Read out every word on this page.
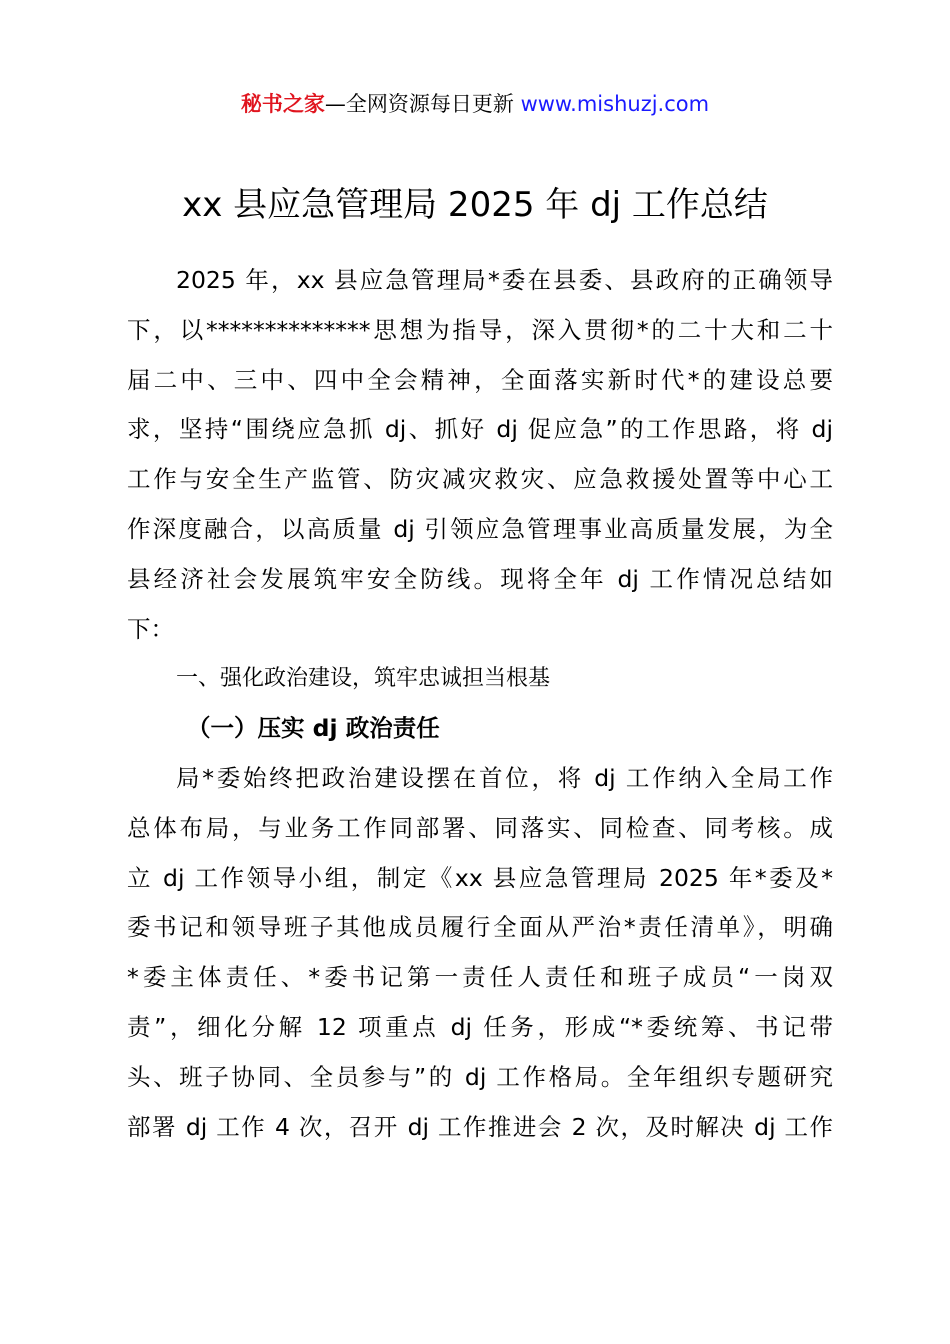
秘书之家—全网资源每日更新 www.mishuzj.com
xx 县应急管理局 2025 年 dj 工作总结
2025 年，xx 县应急管理局*委在县委、县政府的正确领导
下，以**************思想为指导，深入贯彻*的二十大和二十
届二中、三中、四中全会精神，全面落实新时代*的建设总要
求，坚持“围绕应急抓 dj、抓好 dj 促应急”的工作思路，将 dj
工作与安全生产监管、防灾减灾救灾、应急救援处置等中心工
作深度融合，以高质量 dj 引领应急管理事业高质量发展，为全
县经济社会发展筑牢安全防线。现将全年 dj 工作情况总结如
下：
一、强化政治建设，筑牢忠诚担当根基
（一）压实 dj 政治责任
局*委始终把政治建设摆在首位，将 dj 工作纳入全局工作
总体布局，与业务工作同部署、同落实、同检查、同考核。成
立 dj 工作领导小组，制定《xx 县应急管理局 2025 年*委及*
委书记和领导班子其他成员履行全面从严治*责任清单》，明确
*委主体责任、*委书记第一责任人责任和班子成员“一岗双
责”，细化分解 12 项重点 dj 任务，形成“*委统筹、书记带
头、班子协同、全员参与”的 dj 工作格局。全年组织专题研究
部署 dj 工作 4 次，召开 dj 工作推进会 2 次，及时解决 dj 工作
